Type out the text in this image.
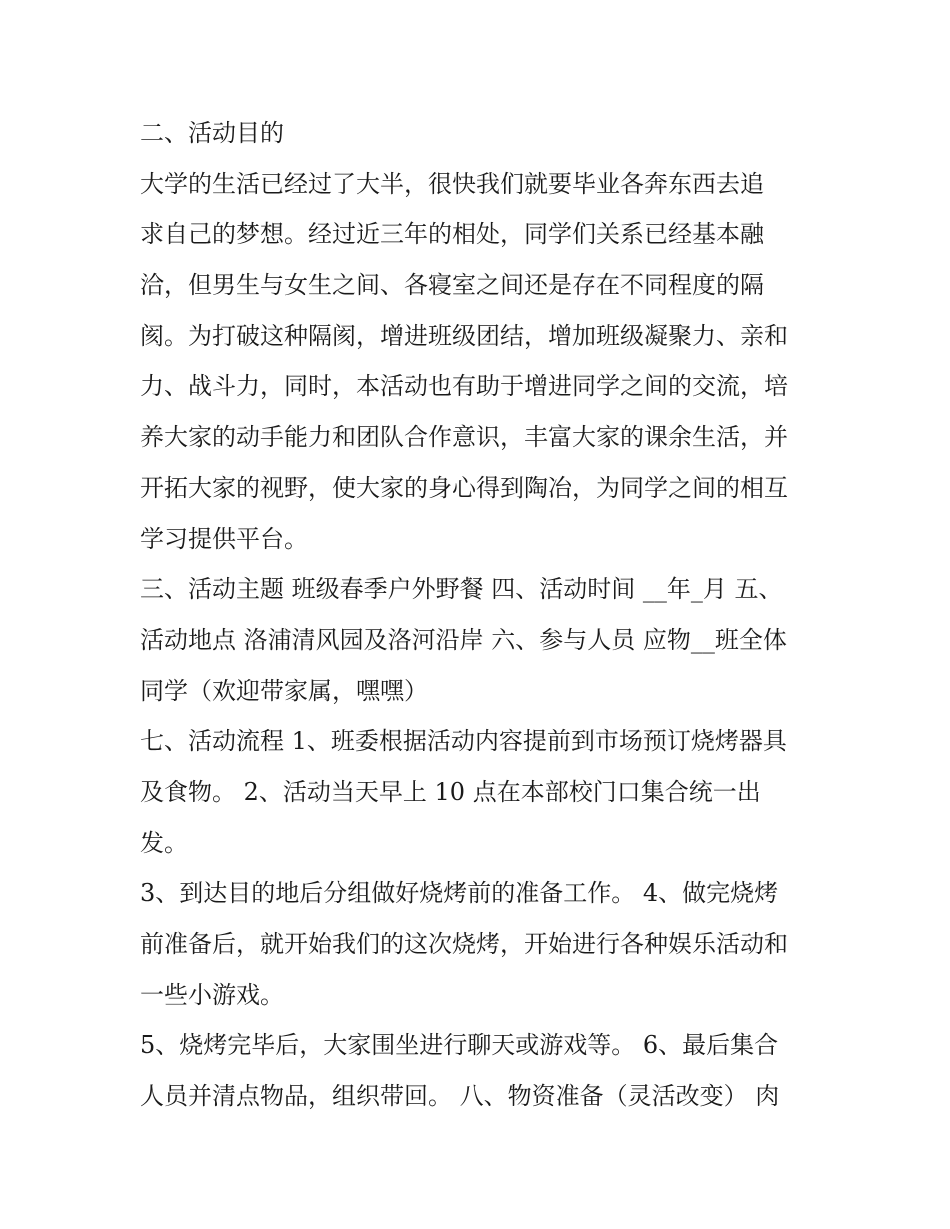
二、活动目的
大学的生活已经过了大半，很快我们就要毕业各奔东西去追
求自己的梦想。经过近三年的相处，同学们关系已经基本融
洽，但男生与女生之间、各寝室之间还是存在不同程度的隔
阂。为打破这种隔阂，增进班级团结，增加班级凝聚力、亲和
力、战斗力，同时，本活动也有助于增进同学之间的交流，培
养大家的动手能力和团队合作意识，丰富大家的课余生活，并
开拓大家的视野，使大家的身心得到陶冶，为同学之间的相互
学习提供平台。
三、活动主题 班级春季户外野餐 四、活动时间 __年_月 五、
活动地点 洛浦清风园及洛河沿岸 六、参与人员 应物__班全体
同学（欢迎带家属，嘿嘿）
七、活动流程 1、班委根据活动内容提前到市场预订烧烤器具
及食物。 2、活动当天早上 10 点在本部校门口集合统一出
发。
3、到达目的地后分组做好烧烤前的准备工作。 4、做完烧烤
前准备后，就开始我们的这次烧烤，开始进行各种娱乐活动和
一些小游戏。
5、烧烤完毕后，大家围坐进行聊天或游戏等。 6、最后集合
人员并清点物品，组织带回。 八、物资准备（灵活改变） 肉
